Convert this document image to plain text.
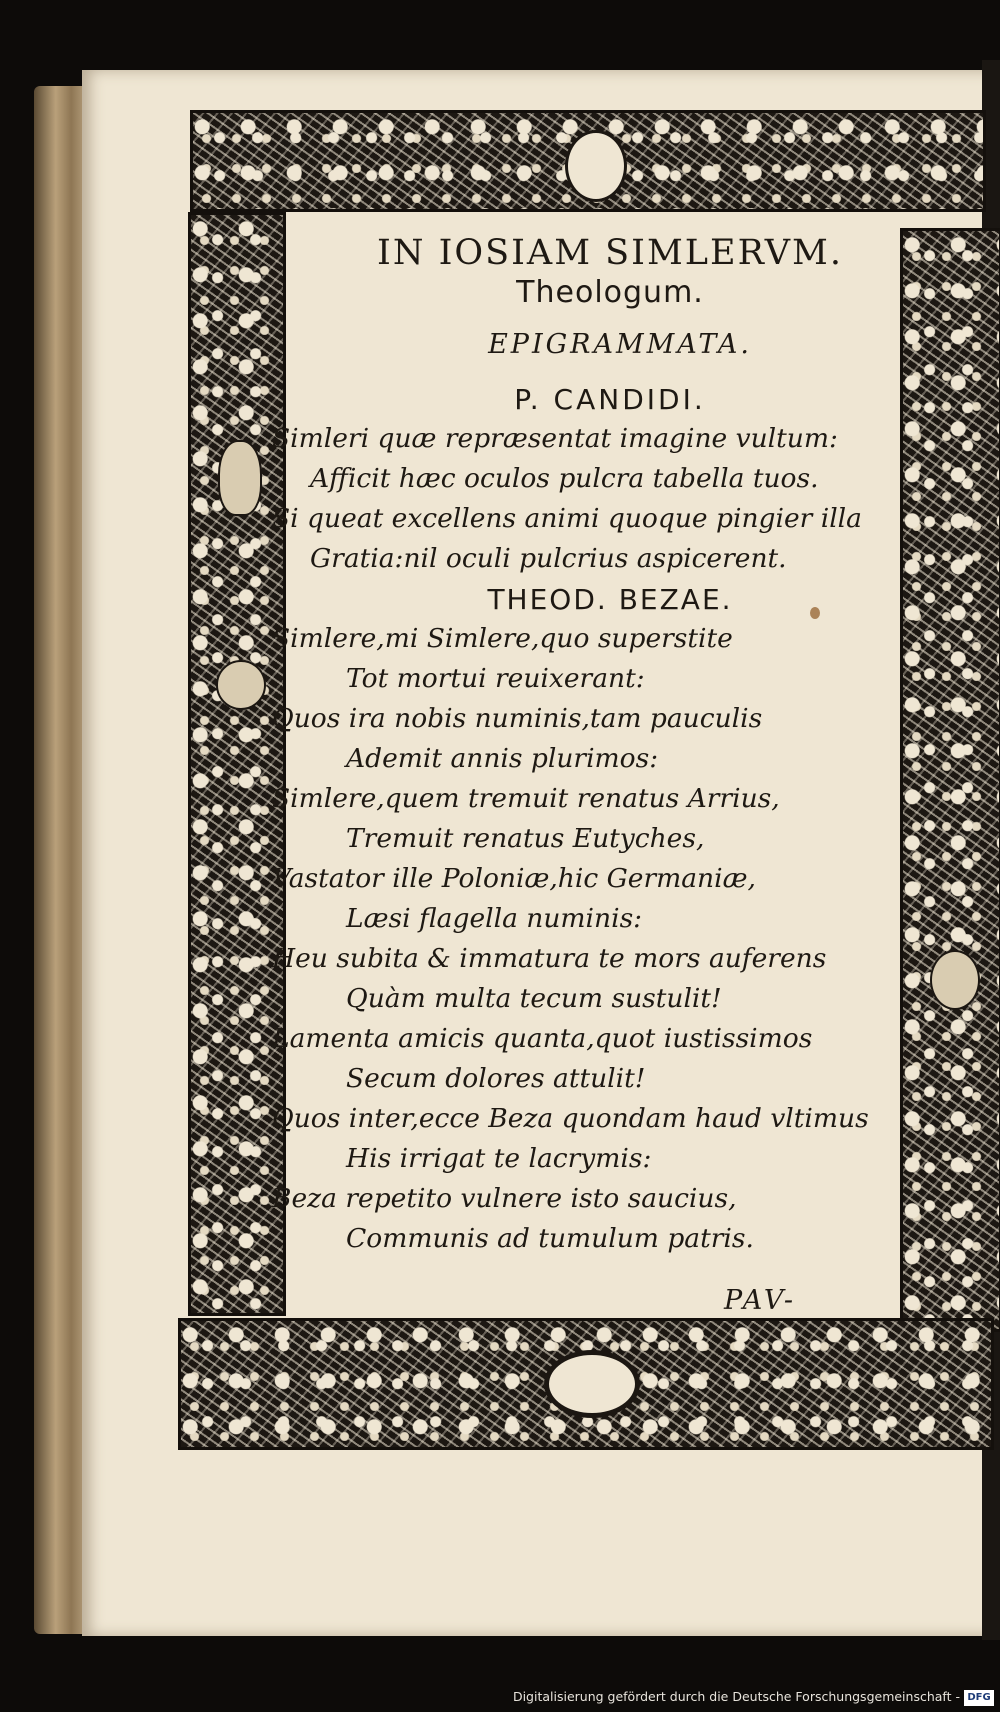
IN IOSIAM SIMLERVM.
Theologum.
EPIGRAMMATA.
P. CANDIDI.
Simleri quæ repræsentat imagine vultum:
Afficit hæc oculos pulcra tabella tuos.
Si queat excellens animi quoque pingier illa
Gratia:nil oculi pulcrius aspicerent.
THEOD. BEZAE.
Simlere,mi Simlere,quo superstite
Tot mortui reuixerant:
Quos ira nobis numinis,tam pauculis
Ademit annis plurimos:
Simlere,quem tremuit renatus Arrius,
Tremuit renatus Eutyches,
Vastator ille Poloniæ,hic Germaniæ,
Læsi flagella numinis:
Heu subita & immatura te mors auferens
Quàm multa tecum sustulit!
Lamenta amicis quanta,quot iustissimos
Secum dolores attulit!
Quos inter,ecce Beza quondam haud vltimus
His irrigat te lacrymis:
Beza repetito vulnere isto saucius,
Communis ad tumulum patris.
PAV-
Digitalisierung gefördert durch die Deutsche Forschungsgemeinschaft - DFG
